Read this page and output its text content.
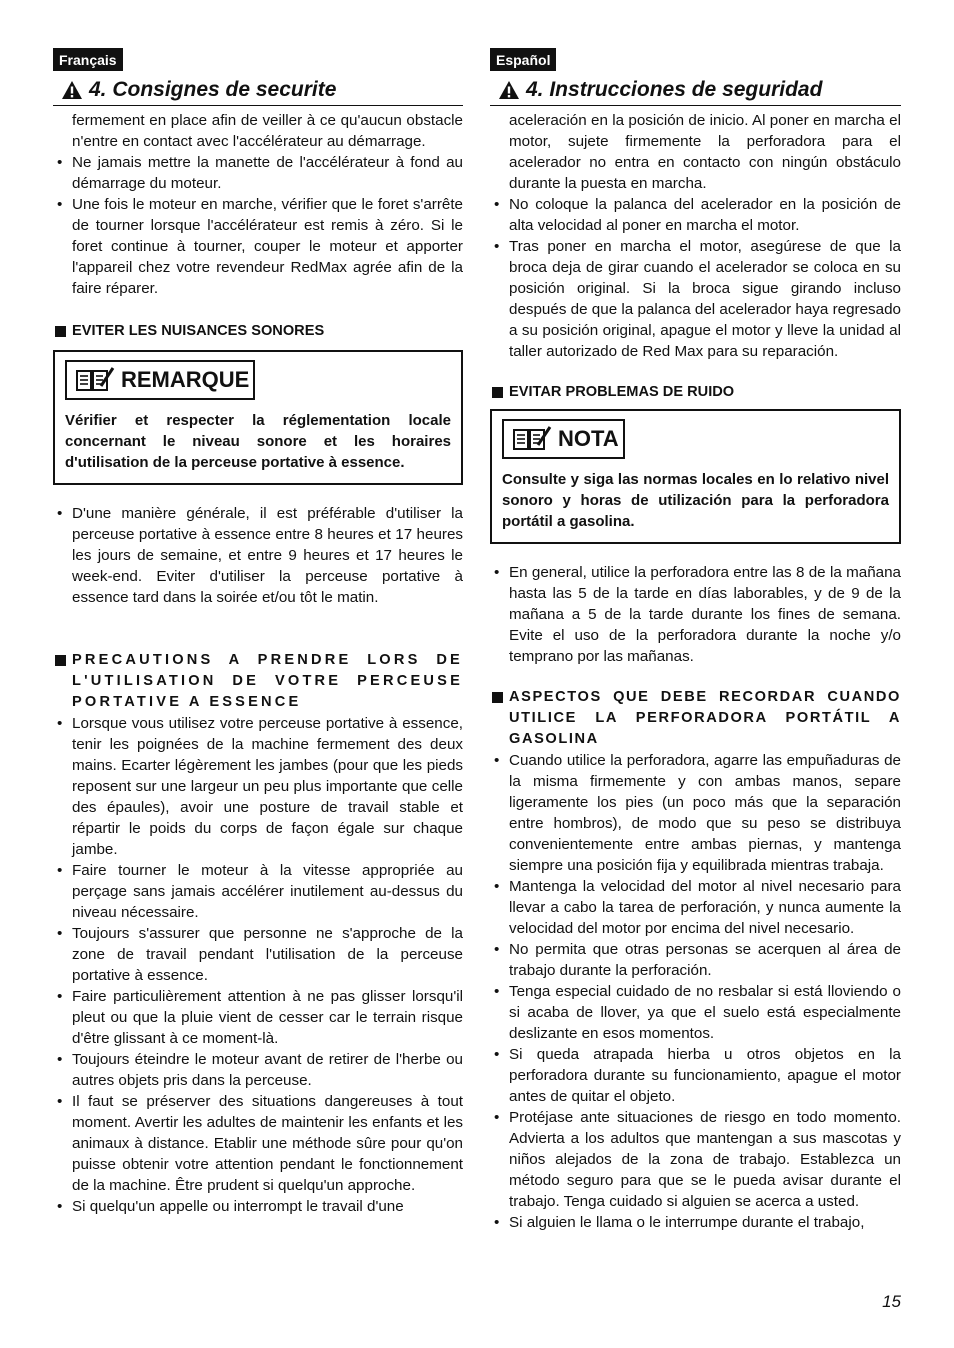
Français
4. Consignes de securite
fermement en place afin de veiller à ce qu'aucun obstacle n'entre en contact avec l'accélérateur au démarrage.
• Ne jamais mettre la manette de l'accélérateur à fond au démarrage du moteur.
• Une fois le moteur en marche, vérifier que le foret s'arrête de tourner lorsque l'accélérateur est remis à zéro. Si le foret continue à tourner, couper le moteur et apporter l'appareil chez votre revendeur RedMax agrée afin de la faire réparer.
EVITER LES NUISANCES SONORES
REMARQUE
Vérifier et respecter la réglementation locale concernant le niveau sonore et les horaires d'utilisation de la perceuse portative à essence.
• D'une manière générale, il est préférable d'utiliser la perceuse portative à essence entre 8 heures et 17 heures les jours de semaine, et entre 9 heures et 17 heures le week-end. Eviter d'utiliser la perceuse portative à essence tard dans la soirée et/ou tôt le matin.
PRECAUTIONS A PRENDRE LORS DE L'UTILISATION DE VOTRE PERCEUSE PORTATIVE A ESSENCE
• Lorsque vous utilisez votre perceuse portative à essence, tenir les poignées de la machine fermement des deux mains. Ecarter légèrement les jambes (pour que les pieds reposent sur une largeur un peu plus importante que celle des épaules), avoir une posture de travail stable et répartir le poids du corps de façon égale sur chaque jambe.
• Faire tourner le moteur à la vitesse appropriée au perçage sans jamais accélérer inutilement au-dessus du niveau nécessaire.
• Toujours s'assurer que personne ne s'approche de la zone de travail pendant l'utilisation de la perceuse portative à essence.
• Faire particulièrement attention à ne pas glisser lorsqu'il pleut ou que la pluie vient de cesser car le terrain risque d'être glissant à ce moment-là.
• Toujours éteindre le moteur avant de retirer de l'herbe ou autres objets pris dans la perceuse.
• Il faut se préserver des situations dangereuses à tout moment. Avertir les adultes de maintenir les enfants et les animaux à distance. Etablir une méthode sûre pour qu'on puisse obtenir votre attention pendant le fonctionnement de la machine. Être prudent si quelqu'un approche.
• Si quelqu'un appelle ou interrompt le travail d'une
Español
4. Instrucciones de seguridad
aceleración en la posición de inicio. Al poner en marcha el motor, sujete firmemente la perforadora para el acelerador no entra en contacto con ningún obstáculo durante la puesta en marcha.
• No coloque la palanca del acelerador en la posición de alta velocidad al poner en marcha el motor.
• Tras poner en marcha el motor, asegúrese de que la broca deja de girar cuando el acelerador se coloca en su posición original. Si la broca sigue girando incluso después de que la palanca del acelerador haya regresado a su posición original, apague el motor y lleve la unidad al taller autorizado de Red Max para su reparación.
EVITAR PROBLEMAS DE RUIDO
NOTA
Consulte y siga las normas locales en lo relativo nivel sonoro y horas de utilización para la perforadora portátil a gasolina.
• En general, utilice la perforadora entre las 8 de la mañana hasta las 5 de la tarde en días laborables, y de 9 de la mañana a 5 de la tarde durante los fines de semana. Evite el uso de la perforadora durante la noche y/o temprano por las mañanas.
ASPECTOS QUE DEBE RECORDAR CUANDO UTILICE LA PERFORADORA PORTÁTIL A GASOLINA
• Cuando utilice la perforadora, agarre las empuñaduras de la misma firmemente y con ambas manos, separe ligeramente los pies (un poco más que la separación entre hombros), de modo que su peso se distribuya convenientemente entre ambas piernas, y mantenga siempre una posición fija y equilibrada mientras trabaja.
• Mantenga la velocidad del motor al nivel necesario para llevar a cabo la tarea de perforación, y nunca aumente la velocidad del motor por encima del nivel necesario.
• No permita que otras personas se acerquen al área de trabajo durante la perforación.
• Tenga especial cuidado de no resbalar si está lloviendo o si acaba de llover, ya que el suelo está especialmente deslizante en esos momentos.
• Si queda atrapada hierba u otros objetos en la perforadora durante su funcionamiento, apague el motor antes de quitar el objeto.
• Protéjase ante situaciones de riesgo en todo momento. Advierta a los adultos que mantengan a sus mascotas y niños alejados de la zona de trabajo. Establezca un método seguro para que se le pueda avisar durante el trabajo. Tenga cuidado si alguien se acerca a usted.
• Si alguien le llama o le interrumpe durante el trabajo,
15
